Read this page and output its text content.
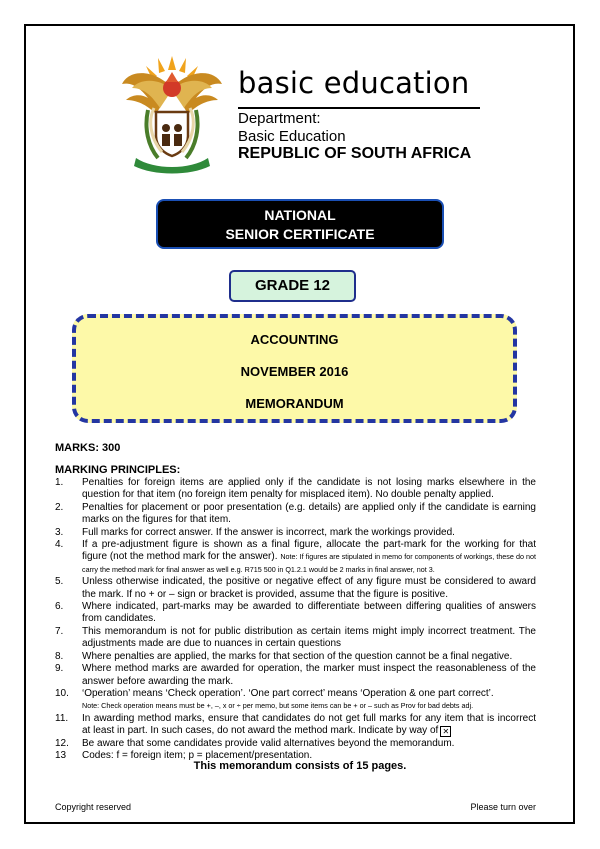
basic education
Department:
Basic Education
REPUBLIC OF SOUTH AFRICA
NATIONAL
SENIOR CERTIFICATE
GRADE 12
ACCOUNTING
NOVEMBER 2016
MEMORANDUM
MARKS: 300
MARKING PRINCIPLES:
1. Penalties for foreign items are applied only if the candidate is not losing marks elsewhere in the question for that item (no foreign item penalty for misplaced item). No double penalty applied.
2. Penalties for placement or poor presentation (e.g. details) are applied only if the candidate is earning marks on the figures for that item.
3. Full marks for correct answer. If the answer is incorrect, mark the workings provided.
4. If a pre-adjustment figure is shown as a final figure, allocate the part-mark for the working for that figure (not the method mark for the answer). Note: If figures are stipulated in memo for components of workings, these do not carry the method mark for final answer as well e.g. R715 500 in Q1.2.1 would be 2 marks in final answer, not 3.
5. Unless otherwise indicated, the positive or negative effect of any figure must be considered to award the mark. If no + or – sign or bracket is provided, assume that the figure is positive.
6. Where indicated, part-marks may be awarded to differentiate between differing qualities of answers from candidates.
7. This memorandum is not for public distribution as certain items might imply incorrect treatment. The adjustments made are due to nuances in certain questions
8. Where penalties are applied, the marks for that section of the question cannot be a final negative.
9. Where method marks are awarded for operation, the marker must inspect the reasonableness of the answer before awarding the mark.
10. ‘Operation’ means ‘Check operation’. ‘One part correct’ means ‘Operation & one part correct’.
Note: Check operation means must be +, –, x or ÷ per memo, but some items can be + or – such as Prov for bad debts adj.
11. In awarding method marks, ensure that candidates do not get full marks for any item that is incorrect at least in part. In such cases, do not award the method mark. Indicate by way of ✕
12. Be aware that some candidates provide valid alternatives beyond the memorandum.
13 Codes: f = foreign item; p = placement/presentation.
This memorandum consists of 15 pages.
Copyright reserved	Please turn over
